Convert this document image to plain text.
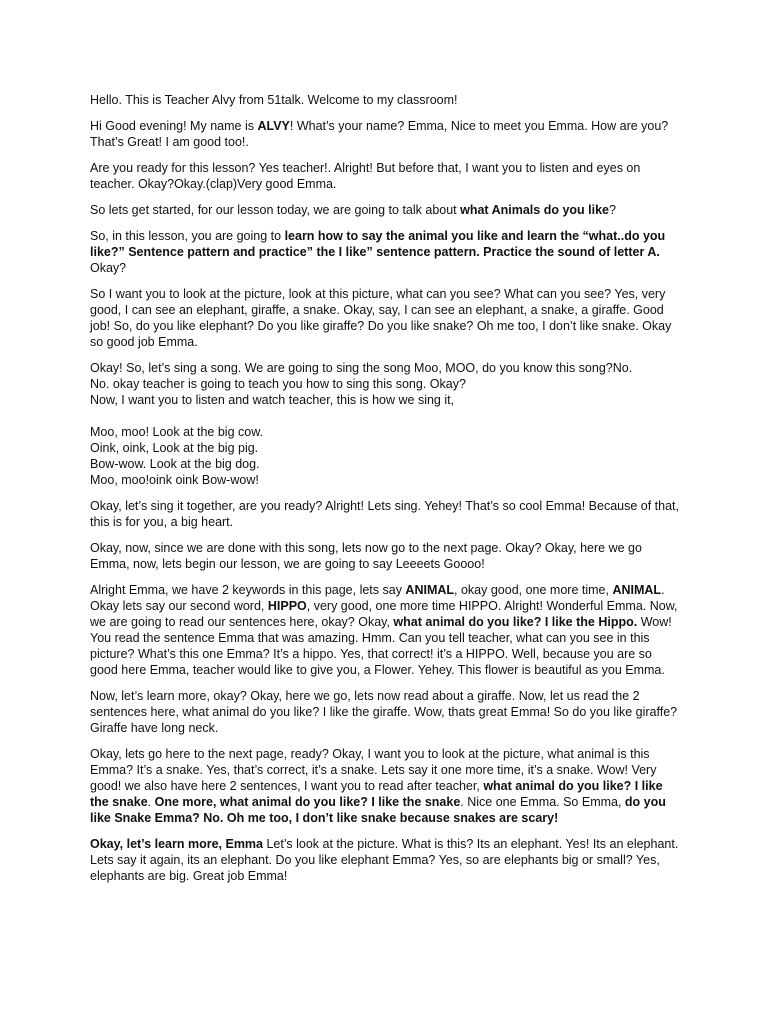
Hello. This is Teacher Alvy from 51talk. Welcome to my classroom!

Hi Good evening! My name is ALVY! What’s your name? Emma, Nice to meet you Emma. How are you? That’s Great! I am good too!.

Are you ready for this lesson? Yes teacher!. Alright! But before that, I want you to listen and eyes on teacher. Okay?Okay.(clap)Very good Emma.

So lets get started, for our lesson today, we are going to talk about what Animals do you like?

So, in this lesson, you are going to learn how to say the animal you like and learn the “what..do you like?” Sentence pattern and practice” the I like” sentence pattern. Practice the sound of letter A. Okay?

So I want you to look at the picture, look at this picture, what can you see? What can you see? Yes, very good, I can see an elephant, giraffe, a snake. Okay, say, I can see an elephant, a snake, a giraffe. Good job! So, do you like elephant? Do you like giraffe? Do you like snake? Oh me too, I don’t like snake. Okay so good job Emma.

Okay! So, let’s sing a song. We are going to sing the song Moo, MOO, do you know this song?No.
No. okay teacher is going to teach you how to sing this song. Okay?
Now, I want you to listen and watch teacher, this is how we sing it,

Moo, moo! Look at the big cow.
Oink, oink, Look at the big pig.
Bow-wow. Look at the big dog.
Moo, moo!oink oink Bow-wow!

Okay, let’s sing it together, are you ready? Alright! Lets sing. Yehey! That’s so cool Emma! Because of that, this is for you, a big heart.

Okay, now, since we are done with this song, lets now go to the next page. Okay? Okay, here we go Emma, now, lets begin our lesson, we are going to say Leeeets Goooo!

Alright Emma, we have 2 keywords in this page, lets say ANIMAL, okay good, one more time, ANIMAL. Okay lets say our second word, HIPPO, very good, one more time HIPPO. Alright! Wonderful Emma. Now, we are going to read our sentences here, okay? Okay, what animal do you like? I like the Hippo. Wow! You read the sentence Emma that was amazing. Hmm. Can you tell teacher, what can you see in this picture? What’s this one Emma? It’s a hippo. Yes, that correct! it’s a HIPPO. Well, because you are so good here Emma, teacher would like to give you, a Flower. Yehey. This flower is beautiful as you Emma.

Now, let’s learn more, okay? Okay, here we go, lets now read about a giraffe. Now, let us read the 2 sentences here, what animal do you like? I like the giraffe. Wow, thats great Emma! So do you like giraffe? Giraffe have long neck.

Okay, lets go here to the next page, ready? Okay, I want you to look at the picture, what animal is this Emma? It’s a snake. Yes, that’s correct, it’s a snake. Lets say it one more time, it’s a snake. Wow! Very good! we also have here 2 sentences, I want you to read after teacher, what animal do you like? I like the snake. One more, what animal do you like? I like the snake. Nice one Emma. So Emma, do you like Snake Emma? No. Oh me too, I don’t like snake because snakes are scary!

Okay, let’s learn more, Emma Let’s look at the picture. What is this? Its an elephant. Yes! Its an elephant. Lets say it again, its an elephant. Do you like elephant Emma? Yes, so are elephants big or small? Yes, elephants are big. Great job Emma!
